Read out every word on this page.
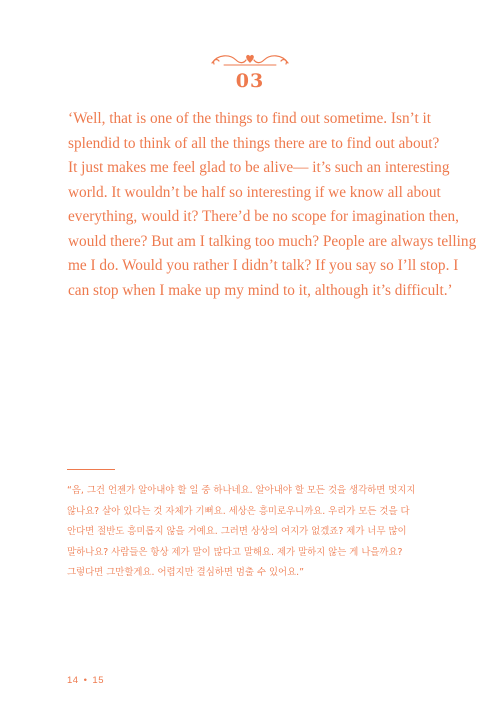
03
‘Well, that is one of the things to find out sometime. Isn’t it
splendid to think of all the things there are to find out about?
It just makes me feel glad to be alive— it’s such an interesting
world. It wouldn’t be half so interesting if we know all about
everything, would it? There’d be no scope for imagination then,
would there? But am I talking too much? People are always telling
me I do. Would you rather I didn’t talk? If you say so I’ll stop. I
can stop when I make up my mind to it, although it’s difficult.’
“음, 그건 언젠가 알아내야 할 일 중 하나네요. 알아내야 할 모든 것을 생각하면 멋지지
않나요? 살아 있다는 것 자체가 기뻐요. 세상은 흥미로우니까요. 우리가 모든 것을 다
안다면 절반도 흥미롭지 않을 거예요. 그러면 상상의 여지가 없겠죠? 제가 너무 많이
말하나요? 사람들은 항상 제가 말이 많다고 말해요. 제가 말하지 않는 게 나을까요?
그렇다면 그만할게요. 어렵지만 결심하면 멈출 수 있어요.”
14 • 15
